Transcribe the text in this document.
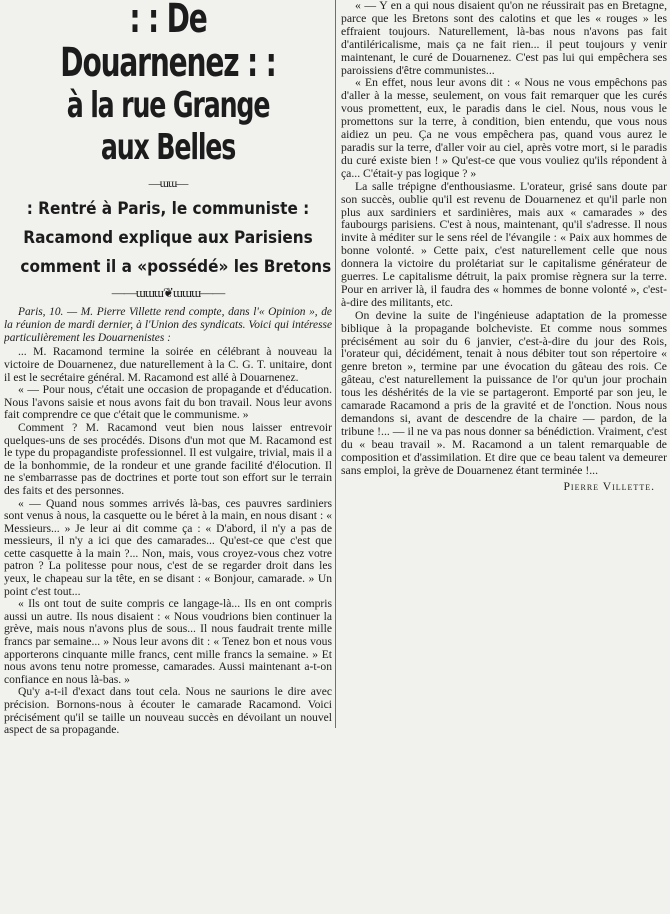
: : De Douarnenez : :
à la rue Grange aux Belles
—ɯɯ—
: Rentré à Paris, le communiste :
Racamond explique aux Parisiens
comment il a «possédé» les Bretons
——ɯɯɯ❦ɯɯɯ——

Paris, 10. — M. Pierre Villette rend compte, dans l'« Opinion », de la réunion de mardi dernier, à l'Union des syndicats. Voici qui intéresse particulièrement les Douarnenistes :

... M. Racamond termine la soirée en célébrant à nouveau la victoire de Douarnenez, due naturellement à la C. G. T. unitaire, dont il est le secrétaire général. M. Racamond est allé à Douarnenez.

« — Pour nous, c'était une occasion de propagande et d'éducation. Nous l'avons saisie et nous avons fait du bon travail. Nous leur avons fait comprendre ce que c'était que le communisme. »

Comment ? M. Racamond veut bien nous laisser entrevoir quelques-uns de ses procédés. Disons d'un mot que M. Racamond est le type du propagandiste professionnel. Il est vulgaire, trivial, mais il a de la bonhommie, de la rondeur et une grande facilité d'élocution. Il ne s'embarrasse pas de doctrines et porte tout son effort sur le terrain des faits et des personnes.

« — Quand nous sommes arrivés là-bas, ces pauvres sardiniers sont venus à nous, la casquette ou le béret à la main, en nous disant : « Messieurs... » Je leur ai dit comme ça : « D'abord, il n'y a pas de messieurs, il n'y a ici que des camarades... Qu'est-ce que c'est que cette casquette à la main ?... Non, mais, vous croyez-vous chez votre patron ? La politesse pour nous, c'est de se regarder droit dans les yeux, le chapeau sur la tête, en se disant : « Bonjour, camarade. » Un point c'est tout...

« Ils ont tout de suite compris ce langage-là... Ils en ont compris aussi un autre. Ils nous disaient : « Nous voudrions bien continuer la grève, mais nous n'avons plus de sous... Il nous faudrait trente mille francs par semaine... » Nous leur avons dit : « Tenez bon et nous vous apporterons cinquante mille francs, cent mille francs la semaine. » Et nous avons tenu notre promesse, camarades. Aussi maintenant a-t-on confiance en nous là-bas. »

Qu'y a-t-il d'exact dans tout cela. Nous ne saurions le dire avec précision. Bornons-nous à écouter le camarade Racamond. Voici précisément qu'il se taille un nouveau succès en dévoilant un nouvel aspect de sa propagande.

« — Y en a qui nous disaient qu'on ne réussirait pas en Bretagne, parce que les Bretons sont des calotins et que les « rouges » les effraient toujours. Naturellement, là-bas nous n'avons pas fait d'antiléricalisme, mais ça ne fait rien... il peut toujours y venir maintenant, le curé de Douarnenez. C'est pas lui qui empêchera ses paroissiens d'être communistes...

« En effet, nous leur avons dit : « Nous ne vous empêchons pas d'aller à la messe, seulement, on vous fait remarquer que les curés vous promettent, eux, le paradis dans le ciel. Nous, nous vous le promettons sur la terre, à condition, bien entendu, que vous nous aidiez un peu. Ça ne vous empêchera pas, quand vous aurez le paradis sur la terre, d'aller voir au ciel, après votre mort, si le paradis du curé existe bien ! » Qu'est-ce que vous vouliez qu'ils répondent à ça... C'était-y pas logique ? »

La salle trépigne d'enthousiasme. L'orateur, grisé sans doute par son succès, oublie qu'il est revenu de Douarnenez et qu'il parle non plus aux sardiniers et sardinières, mais aux « camarades » des faubourgs parisiens. C'est à nous, maintenant, qu'il s'adresse. Il nous invite à méditer sur le sens réel de l'évangile : « Paix aux hommes de bonne volonté. » Cette paix, c'est naturellement celle que nous donnera la victoire du prolétariat sur le capitalisme générateur de guerres. Le capitalisme détruit, la paix promise règnera sur la terre. Pour en arriver là, il faudra des « hommes de bonne volonté », c'est-à-dire des militants, etc.

On devine la suite de l'ingénieuse adaptation de la promesse biblique à la propagande bolcheviste. Et comme nous sommes précisément au soir du 6 janvier, c'est-à-dire du jour des Rois, l'orateur qui, décidément, tenait à nous débiter tout son répertoire « genre breton », termine par une évocation du gâteau des rois. Ce gâteau, c'est naturellement la puissance de l'or qu'un jour prochain tous les déshérités de la vie se partageront. Emporté par son jeu, le camarade Racamond a pris de la gravité et de l'onction. Nous nous demandons si, avant de descendre de la chaire — pardon, de la tribune !... — il ne va pas nous donner sa bénédiction. Vraiment, c'est du « beau travail ». M. Racamond a un talent remarquable de composition et d'assimilation. Et dire que ce beau talent va demeurer sans emploi, la grève de Douarnenez étant terminée !...

Pierre Villette.
